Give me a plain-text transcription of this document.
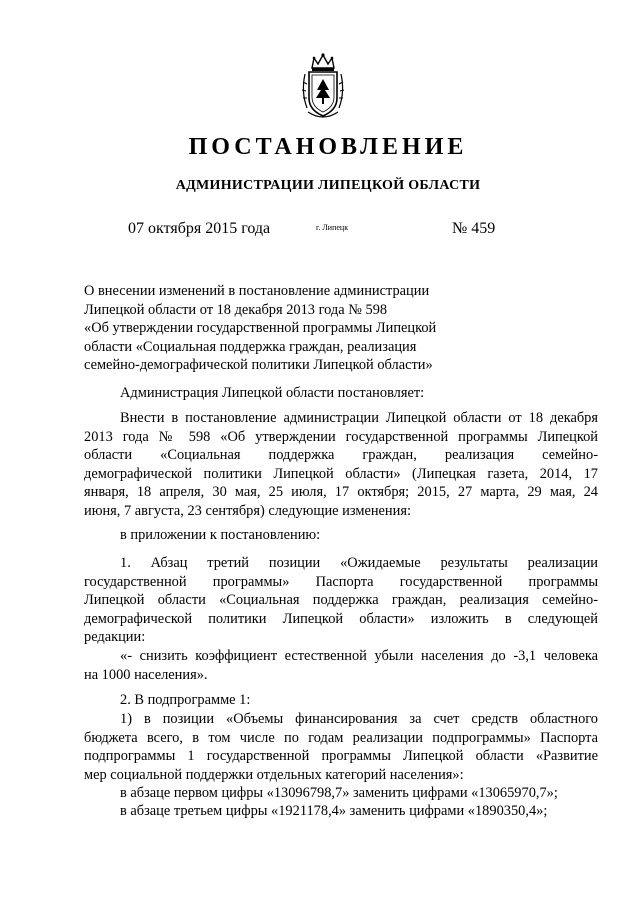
ПОСТАНОВЛЕНИЕ
АДМИНИСТРАЦИИ ЛИПЕЦКОЙ ОБЛАСТИ
07 октября 2015 года	г. Липецк	№ 459
О внесении изменений в постановление администрации
Липецкой области от 18 декабря 2013 года № 598
«Об утверждении государственной программы Липецкой
области «Социальная поддержка граждан, реализация
семейно-демографической политики Липецкой области»
Администрация Липецкой области постановляет:
Внести в постановление администрации Липецкой области от 18 декабря
2013 года № 598 «Об утверждении государственной программы Липецкой
области «Социальная поддержка граждан, реализация семейно-
демографической политики Липецкой области» (Липецкая газета, 2014, 17
января, 18 апреля, 30 мая, 25 июля, 17 октября; 2015, 27 марта, 29 мая, 24
июня, 7 августа, 23 сентября) следующие изменения:
в приложении к постановлению:
1. Абзац третий позиции «Ожидаемые результаты реализации
государственной программы» Паспорта государственной программы
Липецкой области «Социальная поддержка граждан, реализация семейно-
демографической политики Липецкой области» изложить в следующей
редакции:
«- снизить коэффициент естественной убыли населения до -3,1 человека
на 1000 населения».
2. В подпрограмме 1:
1) в позиции «Объемы финансирования за счет средств областного
бюджета всего, в том числе по годам реализации подпрограммы» Паспорта
подпрограммы 1 государственной программы Липецкой области «Развитие
мер социальной поддержки отдельных категорий населения»:
в абзаце первом цифры «13096798,7» заменить цифрами «13065970,7»;
в абзаце третьем цифры «1921178,4» заменить цифрами «1890350,4»;
